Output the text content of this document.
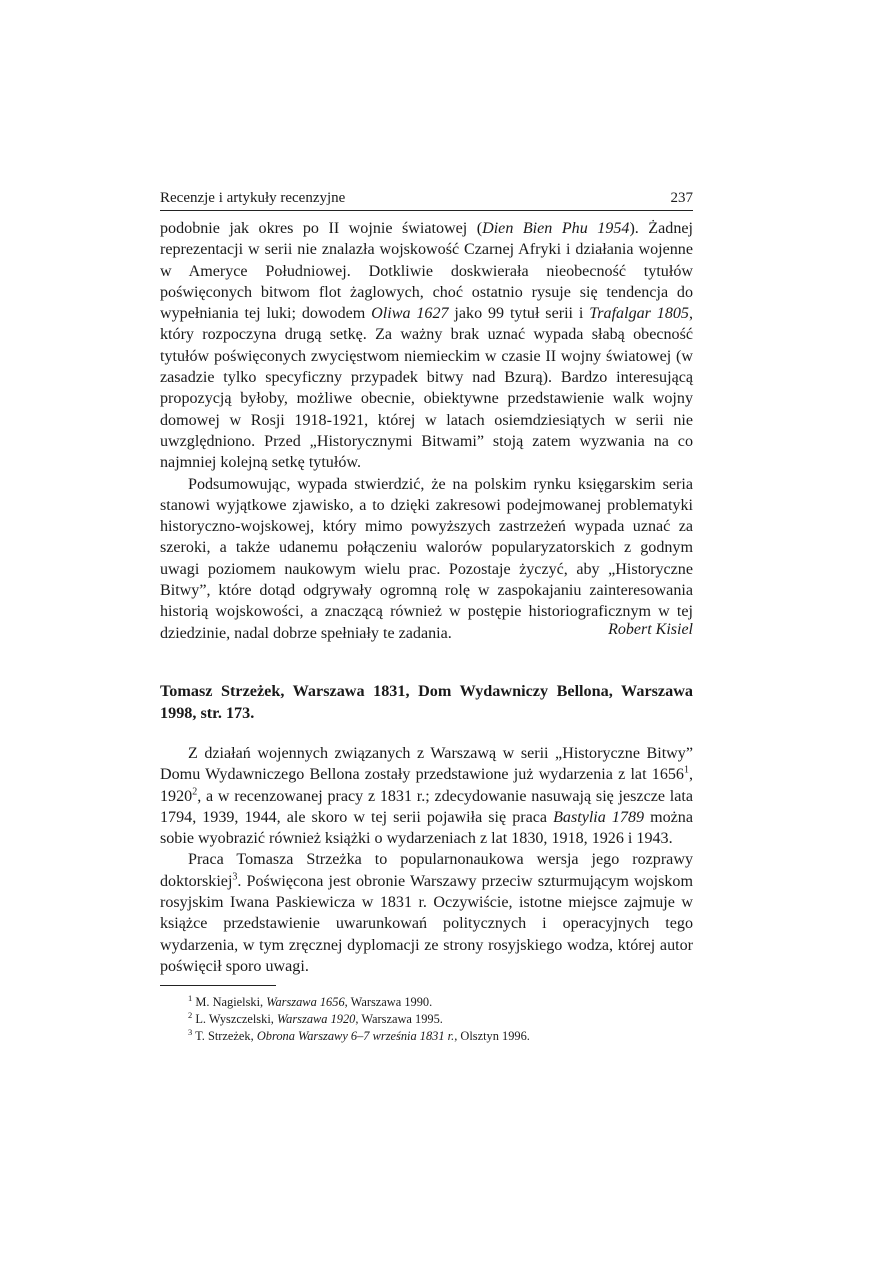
Recenzje i artykuły recenzyjne	237

podobnie jak okres po II wojnie światowej (Dien Bien Phu 1954). Żadnej reprezentacji w serii nie znalazła wojskowość Czarnej Afryki i działania wojenne w Ameryce Południowej. Dotkliwie doskwierała nieobecność tytułów poświęconych bitwom flot żaglowych, choć ostatnio rysuje się tendencja do wypełniania tej luki; dowodem Oliwa 1627 jako 99 tytuł serii i Trafalgar 1805, który rozpoczyna drugą setkę. Za ważny brak uznać wypada słabą obecność tytułów poświęconych zwycięstwom niemieckim w czasie II wojny światowej (w zasadzie tylko specyficzny przypadek bitwy nad Bzurą). Bardzo interesującą propozycją byłoby, możliwe obecnie, obiektywne przedstawienie walk wojny domowej w Rosji 1918-1921, której w latach osiemdziesiątych w serii nie uwzględniono. Przed „Historycznymi Bitwami” stoją zatem wyzwania na co najmniej kolejną setkę tytułów.

Podsumowując, wypada stwierdzić, że na polskim rynku księgarskim seria stanowi wyjątkowe zjawisko, a to dzięki zakresowi podejmowanej problematyki historyczno-wojskowej, który mimo powyższych zastrzeżeń wypada uznać za szeroki, a także udanemu połączeniu walorów popularyzatorskich z godnym uwagi poziomem naukowym wielu prac. Pozostaje życzyć, aby „Historyczne Bitwy”, które dotąd odgrywały ogromną rolę w zaspokajaniu zainteresowania historią wojskowości, a znaczącą również w postępie historiograficznym w tej dziedzinie, nadal dobrze spełniały te zadania.	Robert Kisiel
Tomasz Strzeżek, Warszawa 1831, Dom Wydawniczy Bellona, Warszawa 1998, str. 173.

Z działań wojennych związanych z Warszawą w serii „Historyczne Bitwy” Domu Wydawniczego Bellona zostały przedstawione już wydarzenia z lat 1656$^1$, 1920$^2$, a w recenzowanej pracy z 1831 r.; zdecydowanie nasuwają się jeszcze lata 1794, 1939, 1944, ale skoro w tej serii pojawiła się praca Bastylia 1789 można sobie wyobrazić również książki o wydarzeniach z lat 1830, 1918, 1926 i 1943.

Praca Tomasza Strzeżka to popularnonaukowa wersja jego rozprawy doktorskiej$^3$. Poświęcona jest obronie Warszawy przeciw szturmującym wojskom rosyjskim Iwana Paskiewicza w 1831 r. Oczywiście, istotne miejsce zajmuje w książce przedstawienie uwarunkowań politycznych i operacyjnych tego wydarzenia, w tym zręcznej dyplomacji ze strony rosyjskiego wodza, której autor poświęcił sporo uwagi.

$^1$ M. Nagielski, Warszawa 1656, Warszawa 1990.

$^2$ L. Wyszczelski, Warszawa 1920, Warszawa 1995.

$^3$ T. Strzeżek, Obrona Warszawy 6–7 września 1831 r., Olsztyn 1996.
